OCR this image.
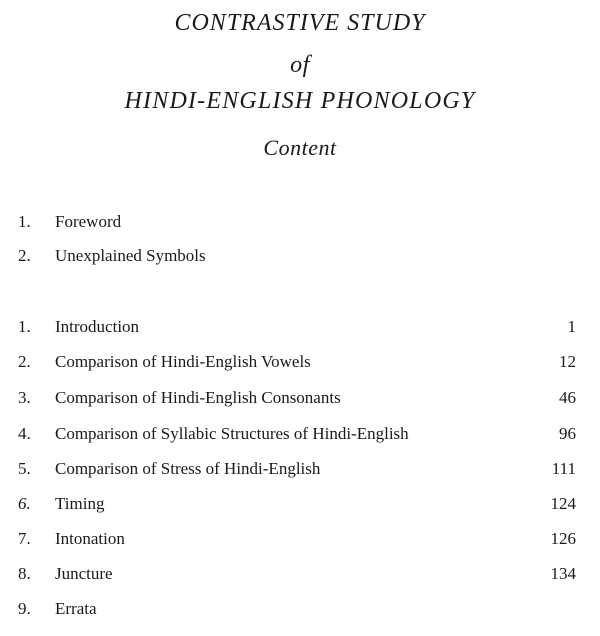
CONTRASTIVE STUDY
of
HINDI-ENGLISH PHONOLOGY
Content
1.	Foreword
2.	Unexplained Symbols
1.	Introduction	1
2.	Comparison of Hindi-English Vowels	12
3.	Comparison of Hindi-English Consonants	46
4.	Comparison of Syllabic Structures of Hindi-English	96
5.	Comparison of Stress of Hindi-English	111
6.	Timing	124
7.	Intonation	126
8.	Juncture	134
9.	Errata
